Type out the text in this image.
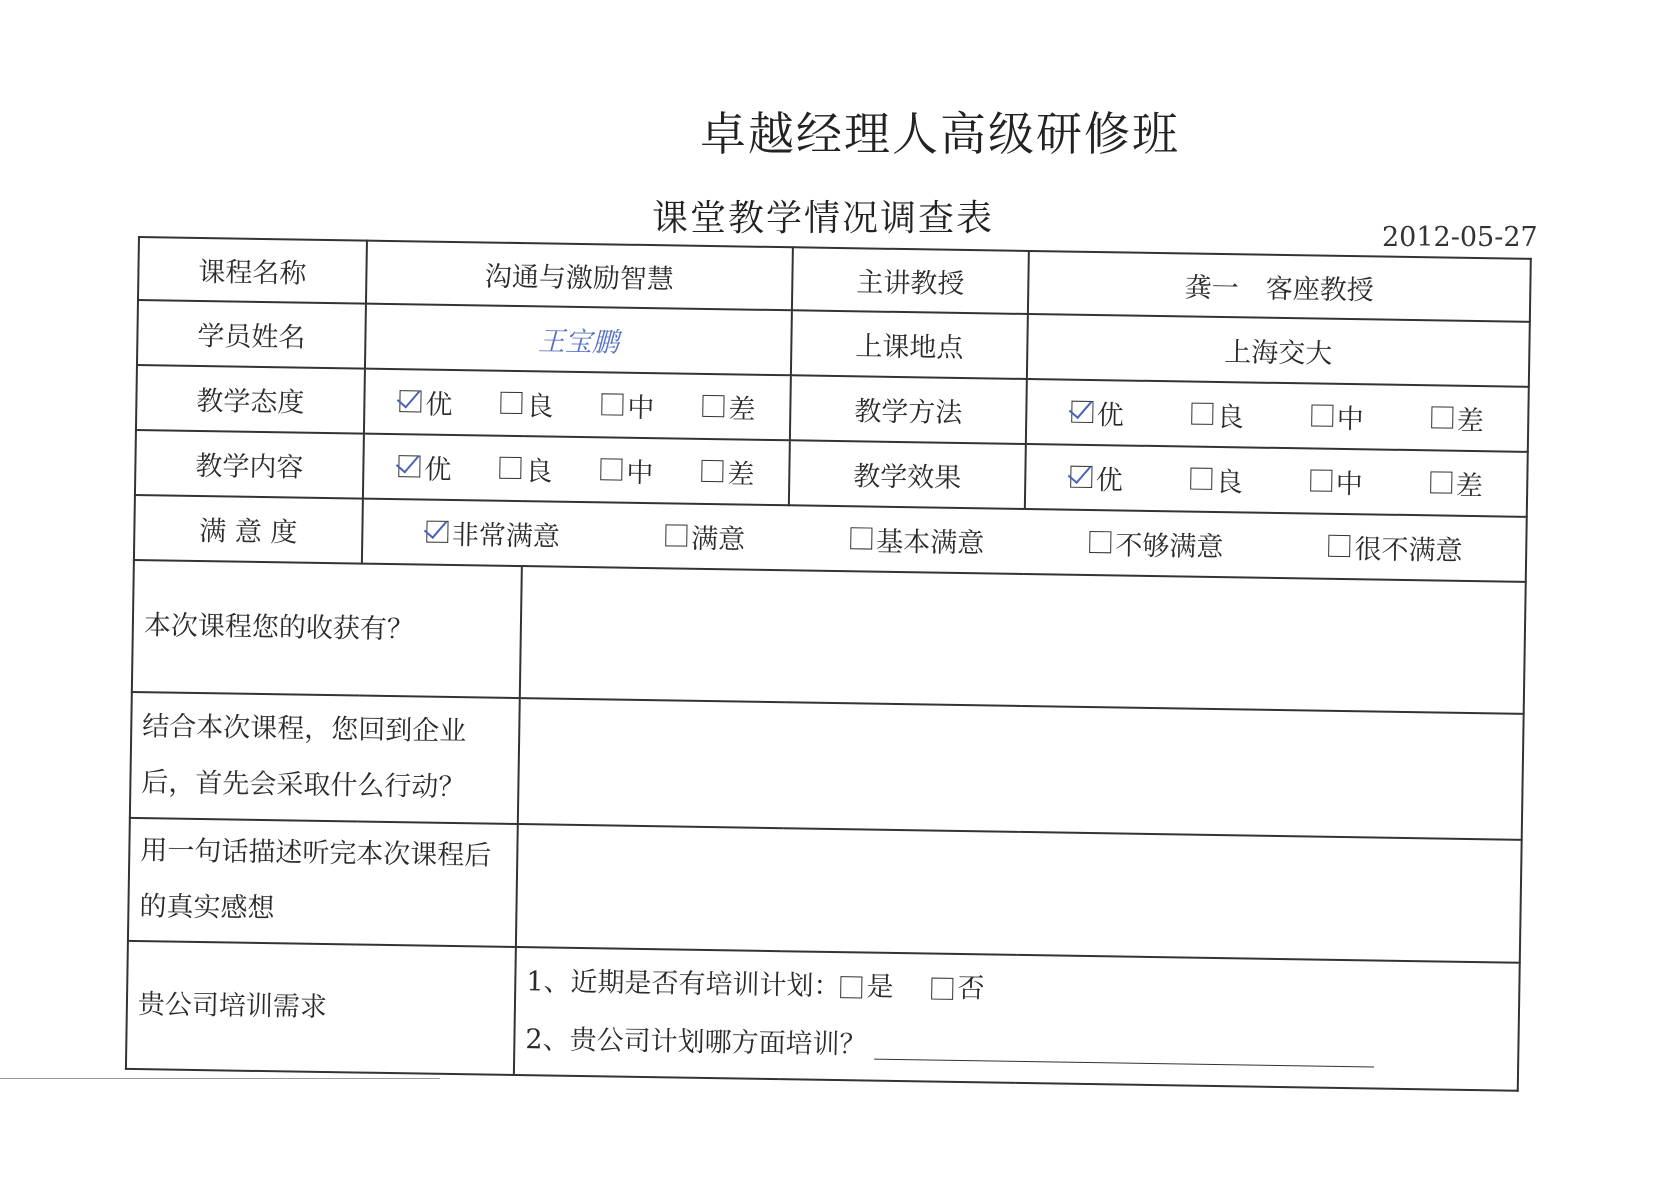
卓越经理人高级研修班
课堂教学情况调查表	2012-05-27
课程名称	沟通与激励智慧		主讲教授	龚一　客座教授
学员姓名	王宝鹏		上课地点	上海交大
教学态度	优 良 中 差		教学方法	优 良 中 差

教学内容	优 良 中 差		教学效果	优 良 中 差

满 意 度	非常满意 满意 基本满意 不够满意 很不满意			

本次课程您的收获有？				
结合本次课程，您回到企业后，首先会采取什么行动？				
用一句话描述听完本次课程后的真实感想				
贵公司培训需求		1、近期是否有培训计划： 是 否
2、贵公司计划哪方面培训？		
